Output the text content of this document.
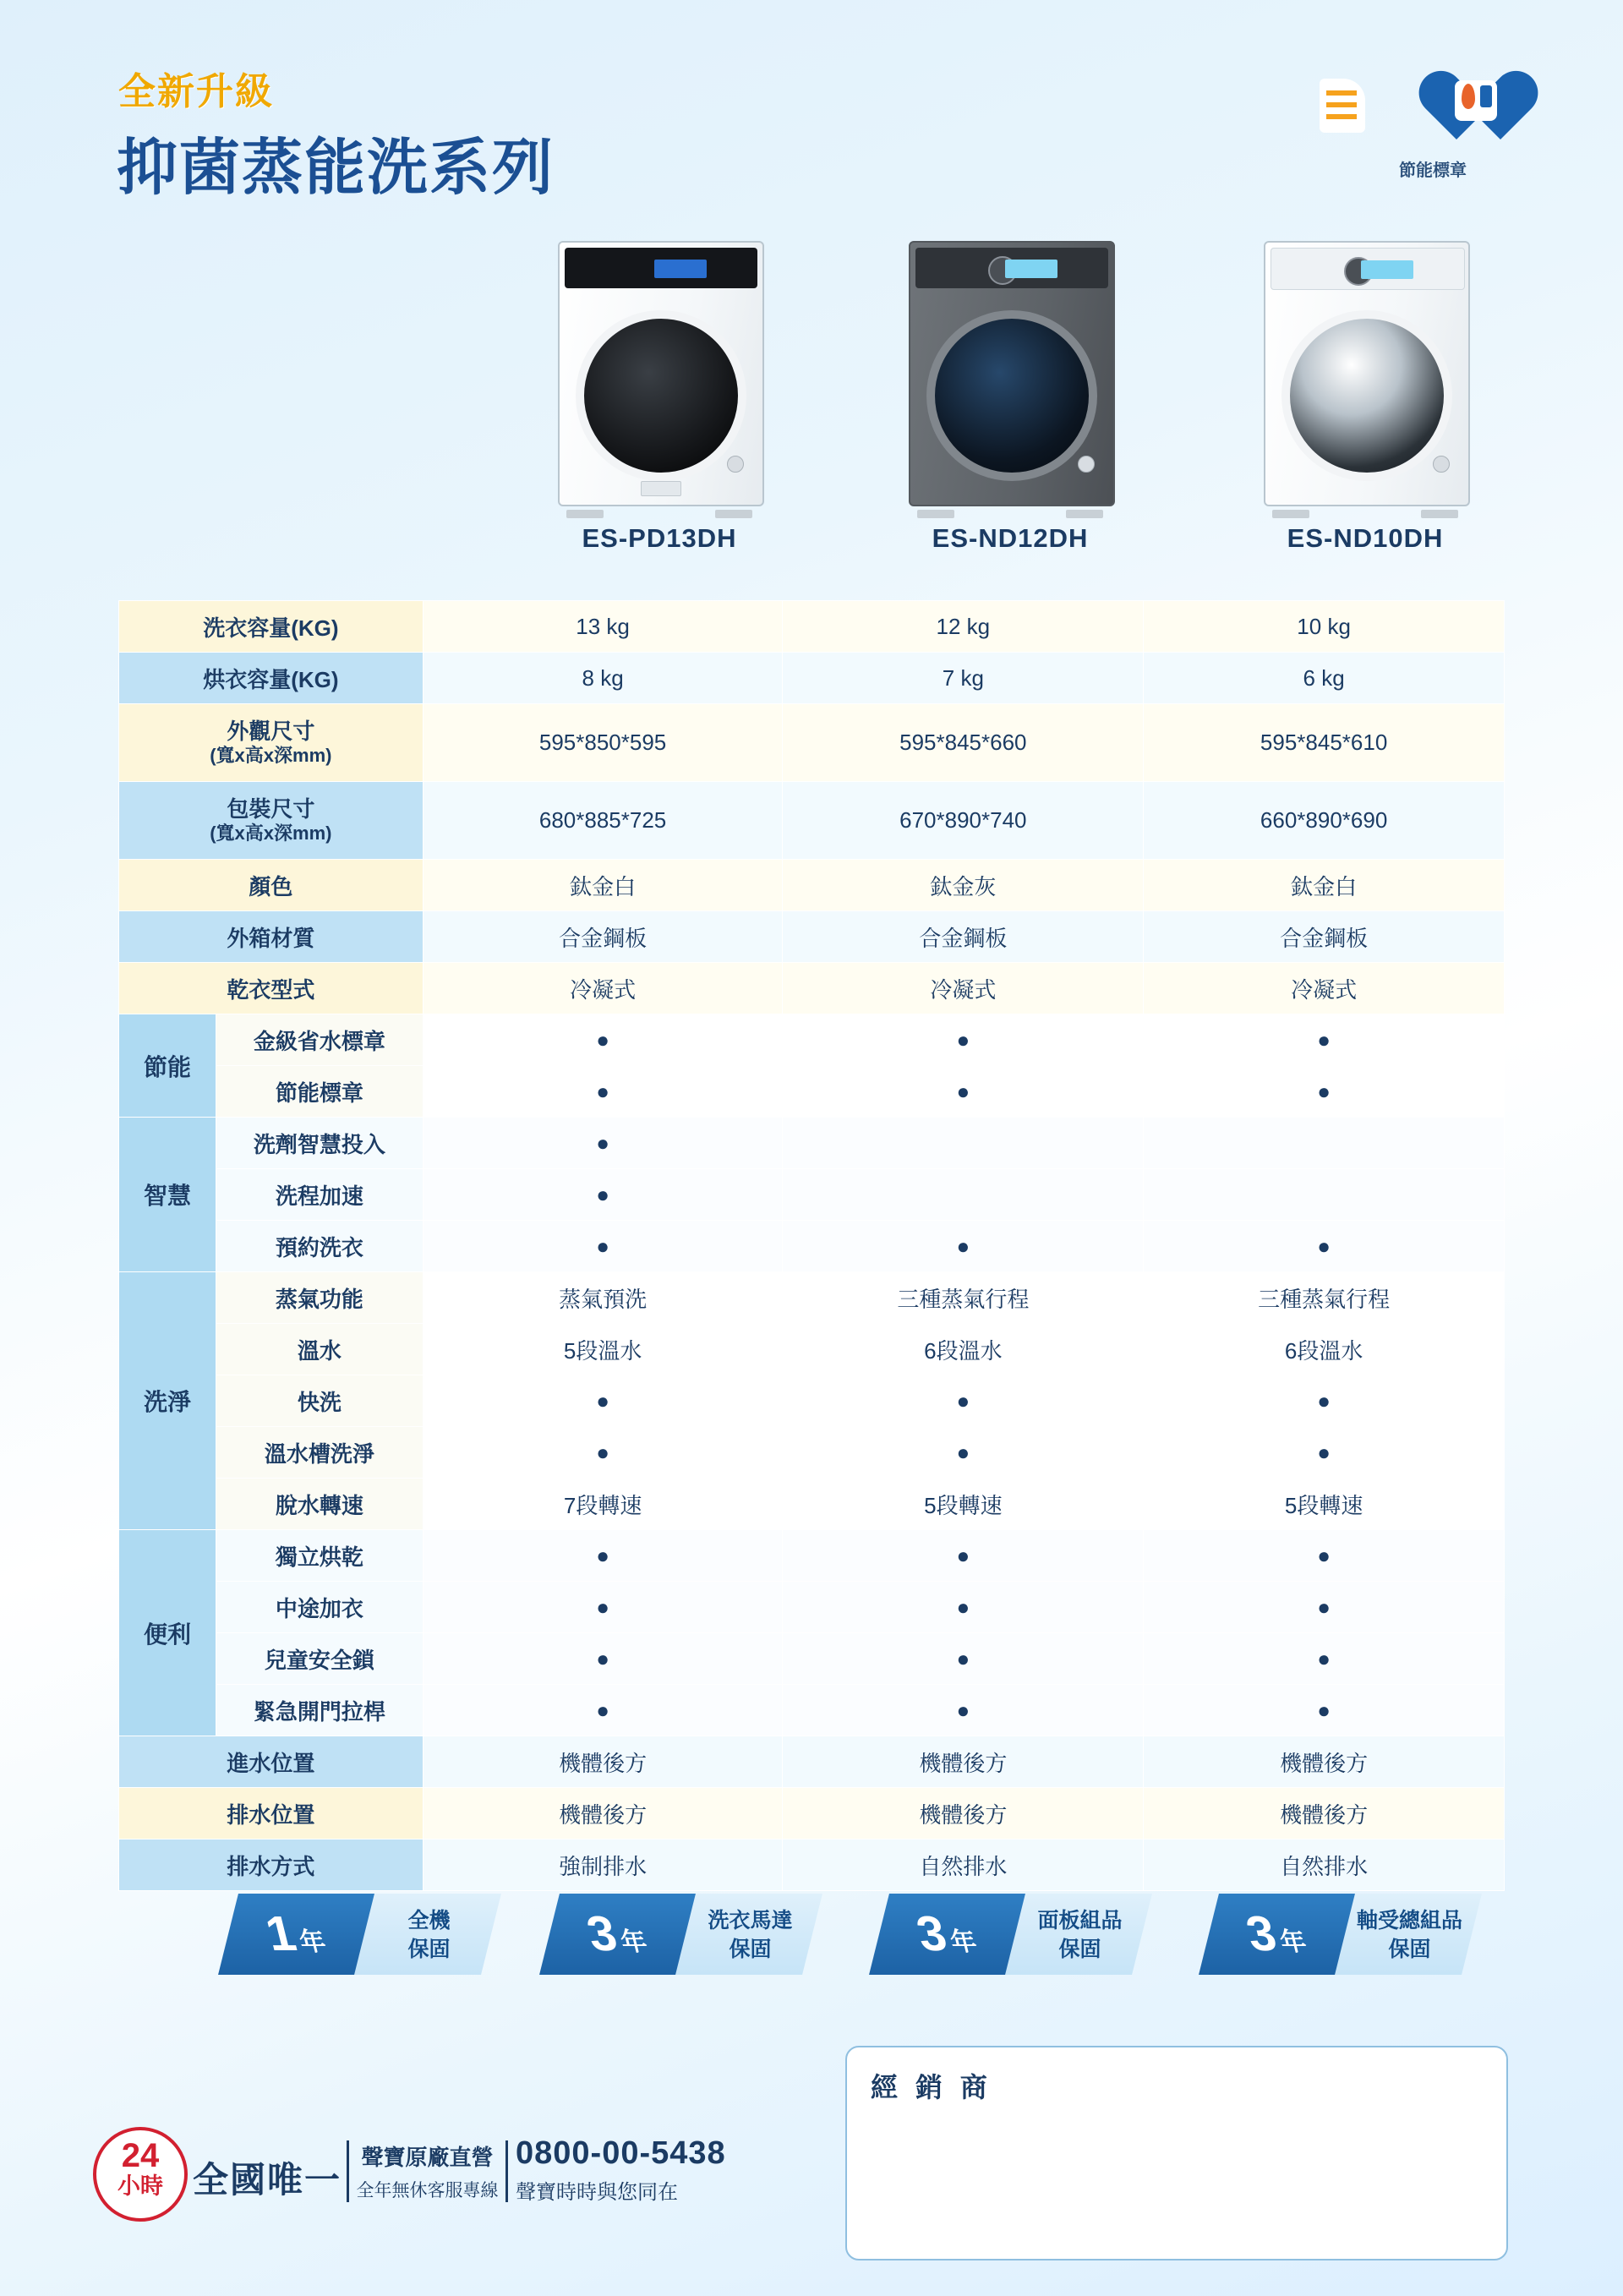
全新升級
抑菌蒸能洗系列	節能標章
ES-PD13DH	ES-ND12DH	ES-ND10DH
洗衣容量(KG)		13 kg	12 kg	10 kg
烘衣容量(KG)		8 kg	7 kg	6 kg

外觀尺寸
(寬x高x深mm)		595*850*595	595*845*660	595*845*610

包裝尺寸
(寬x高x深mm)		680*885*725	670*890*740	660*890*690
顏色		鈦金白	鈦金灰	鈦金白
外箱材質		合金鋼板	合金鋼板	合金鋼板
乾衣型式		冷凝式	冷凝式	冷凝式
節能	金級省水標章	●	●	●
	節能標章	●	●	●
智慧	洗劑智慧投入	●		
	洗程加速	●		
	預約洗衣	●	●	●
洗淨	蒸氣功能	蒸氣預洗	三種蒸氣行程	三種蒸氣行程
	溫水	5段溫水	6段溫水	6段溫水
	快洗	●	●	●
	溫水槽洗淨	●	●	●
	脫水轉速	7段轉速	5段轉速	5段轉速
便利	獨立烘乾	●	●	●
	中途加衣	●	●	●
	兒童安全鎖	●	●	●
	緊急開門拉桿	●	●	●
進水位置		機體後方	機體後方	機體後方
排水位置		機體後方	機體後方	機體後方
排水方式		強制排水	自然排水	自然排水
1年
全機
保固	3年
洗衣馬達
保固	3年
面板組品
保固	3年
軸受總組品
保固
經 銷 商
24
小時 全國唯一
聲寶原廠直營
全年無休客服專線
0800-00-5438
聲寶時時與您同在
